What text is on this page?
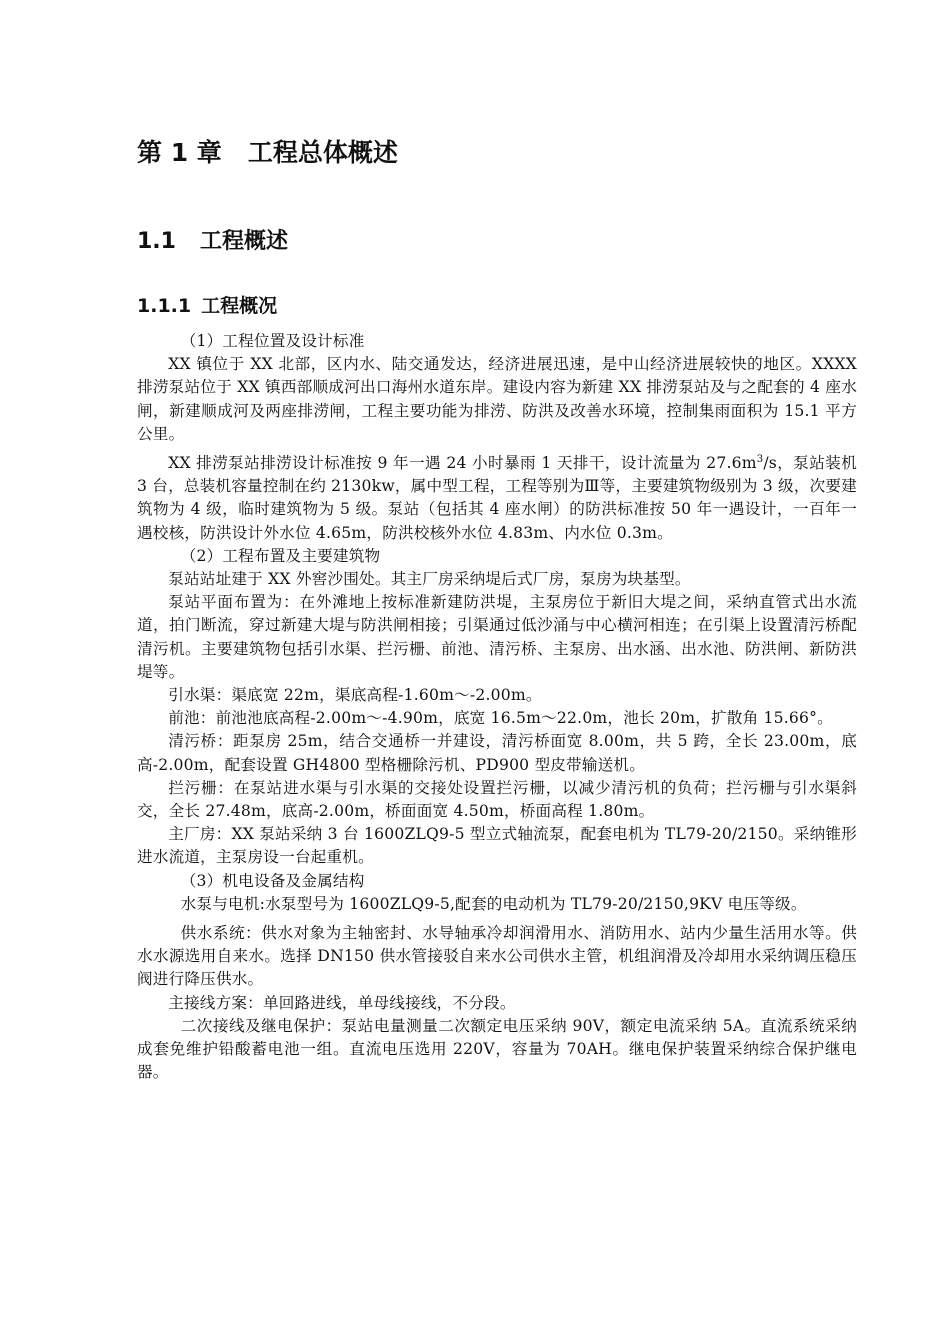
第 1 章 工程总体概述
1.1 工程概述
1.1.1 工程概况

（1）工程位置及设计标准

XX 镇位于 XX 北部，区内水、陆交通发达，经济进展迅速，是中山经济进展较快的地区。XXXX 排涝泵站位于 XX 镇西部顺成河出口海州水道东岸。建设内容为新建 XX 排涝泵站及与之配套的 4 座水闸，新建顺成河及两座排涝闸，工程主要功能为排涝、防洪及改善水环境，控制集雨面积为 15.1 平方公里。

XX 排涝泵站排涝设计标准按 9 年一遇 24 小时暴雨 1 天排干，设计流量为 $27.6m^3/s$，泵站装机 3 台，总装机容量控制在约 2130kw，属中型工程，工程等别为Ⅲ等，主要建筑物级别为 3 级，次要建筑物为 4 级，临时建筑物为 5 级。泵站（包括其 4 座水闸）的防洪标准按 50 年一遇设计，一百年一遇校核，防洪设计外水位 4.65m，防洪校核外水位 4.83m、内水位 0.3m。

（2）工程布置及主要建筑物

泵站站址建于 XX 外窖沙围处。其主厂房采纳堤后式厂房，泵房为块基型。

泵站平面布置为：在外滩地上按标准新建防洪堤，主泵房位于新旧大堤之间，采纳直管式出水流道，拍门断流，穿过新建大堤与防洪闸相接；引渠通过低沙涌与中心横河相连；在引渠上设置清污桥配清污机。主要建筑物包括引水渠、拦污栅、前池、清污桥、主泵房、出水涵、出水池、防洪闸、新防洪堤等。

引水渠：渠底宽 22m，渠底高程-1.60m～-2.00m。

前池：前池池底高程-2.00m～-4.90m，底宽 16.5m～22.0m，池长 20m，扩散角 15.66°。

清污桥：距泵房 25m，结合交通桥一并建设，清污桥面宽 8.00m，共 5 跨，全长 23.00m，底高-2.00m，配套设置 GH4800 型格栅除污机、PD900 型皮带输送机。

拦污栅：在泵站进水渠与引水渠的交接处设置拦污栅，以减少清污机的负荷；拦污栅与引水渠斜交，全长 27.48m，底高-2.00m，桥面面宽 4.50m，桥面高程 1.80m。

主厂房：XX 泵站采纳 3 台 1600ZLQ9-5 型立式轴流泵，配套电机为 TL79-20/2150。采纳锥形进水流道，主泵房设一台起重机。

（3）机电设备及金属结构

水泵与电机:水泵型号为 1600ZLQ9-5,配套的电动机为 TL79-20/2150,9KV 电压等级。

供水系统：供水对象为主轴密封、水导轴承冷却润滑用水、消防用水、站内少量生活用水等。供水水源选用自来水。选择 DN150 供水管接驳自来水公司供水主管，机组润滑及冷却用水采纳调压稳压阀进行降压供水。

主接线方案：单回路进线，单母线接线，不分段。

二次接线及继电保护：泵站电量测量二次额定电压采纳 90V，额定电流采纳 5A。直流系统采纳成套免维护铅酸蓄电池一组。直流电压选用 220V，容量为 70AH。继电保护装置采纳综合保护继电器。
